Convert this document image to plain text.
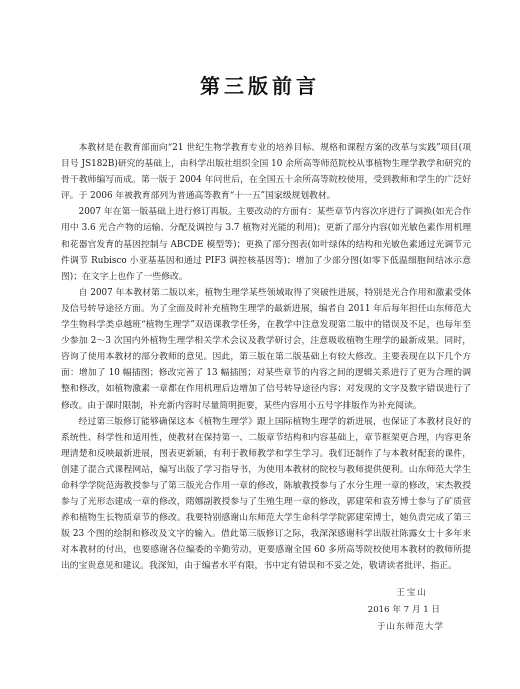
第三版前言

本教材是在教育部面向“21 世纪生物学教育专业的培养目标、规格和课程方案的改革与实践”项目(项目号 JS182B)研究的基础上，由科学出版社组织全国 10 余所高等师范院校从事植物生理学教学和研究的骨干教师编写而成。第一版于 2004 年问世后，在全国五十余所高等院校使用，受到教师和学生的广泛好评。于 2006 年被教育部列为普通高等教育“十一五”国家级规划教材。

2007 年在第一版基础上进行修订再版。主要改动的方面有：某些章节内容次序进行了调换(如光合作用中 3.6 光合产物的运输、分配及调控与 3.7 植物对光能的利用)；更新了部分内容(如光敏色素作用机理和花器官发育的基因控制与 ABCDE 模型等)；更换了部分图表(如叶绿体的结构和光敏色素通过光调节元件调节 Rubisco 小亚基基因和通过 PIF3 调控核基因等)；增加了少部分图(如零下低温细胞间结冰示意图)；在文字上也作了一些修改。

自 2007 年本教材第二版以来，植物生理学某些领域取得了突破性进展，特别是光合作用和激素受体及信号转导途径方面。为了全面及时补充植物生理学的最新进展，编者自 2011 年后每年担任山东师范大学生物科学类卓越班“植物生理学”双语课教学任务，在教学中注意发现第二版中的错误及不足，也每年至少参加 2～3 次国内外植物生理学相关学术会议及教学研讨会，注意吸收植物生理学的最新成果。同时，咨询了使用本教材的部分教师的意见。因此，第三版在第二版基础上有较大修改。主要表现在以下几个方面：增加了 10 幅插图；修改完善了 13 幅插图；对某些章节的内容之间的逻辑关系进行了更为合理的调整和修改，如植物激素一章都在作用机理后边增加了信号转导途径内容；对发现的文字及数字错误进行了修改。由于课时限制，补充新内容时尽量简明扼要，某些内容用小五号字排版作为补充阅读。

经过第三版修订能够确保这本《植物生理学》跟上国际植物生理学的新进展，也保证了本教材良好的系统性、科学性和适用性，使教材在保持第一、二版章节结构和内容基础上，章节框架更合理，内容更条理清楚和反映最新进展，图表更新颖，有利于教师教学和学生学习。我们还制作了与本教材配套的课件，创建了混合式课程网站，编写出版了学习指导书，为使用本教材的院校与教师提供便利。山东师范大学生命科学学院范海教授参与了第三版光合作用一章的修改，陈敏教授参与了水分生理一章的修改，宋杰教授参与了光形态建成一章的修改，隋娜副教授参与了生殖生理一章的修改，郭建荣和袁芳博士参与了矿质营养和植物生长物质章节的修改。我要特别感谢山东师范大学生命科学学院郭建荣博士，她负责完成了第三版 23 个图的绘制和修改及文字的输入。借此第三版修订之际，我深深感谢科学出版社陈露女士十多年来对本教材的付出，也要感谢各位编委的辛勤劳动，更要感谢全国 60 多所高等院校使用本教材的教师所提出的宝贵意见和建议。我深知，由于编者水平有限，书中定有错误和不妥之处，敬请读者批评、指正。

王宝山
2016 年 7 月 1 日
于山东师范大学
